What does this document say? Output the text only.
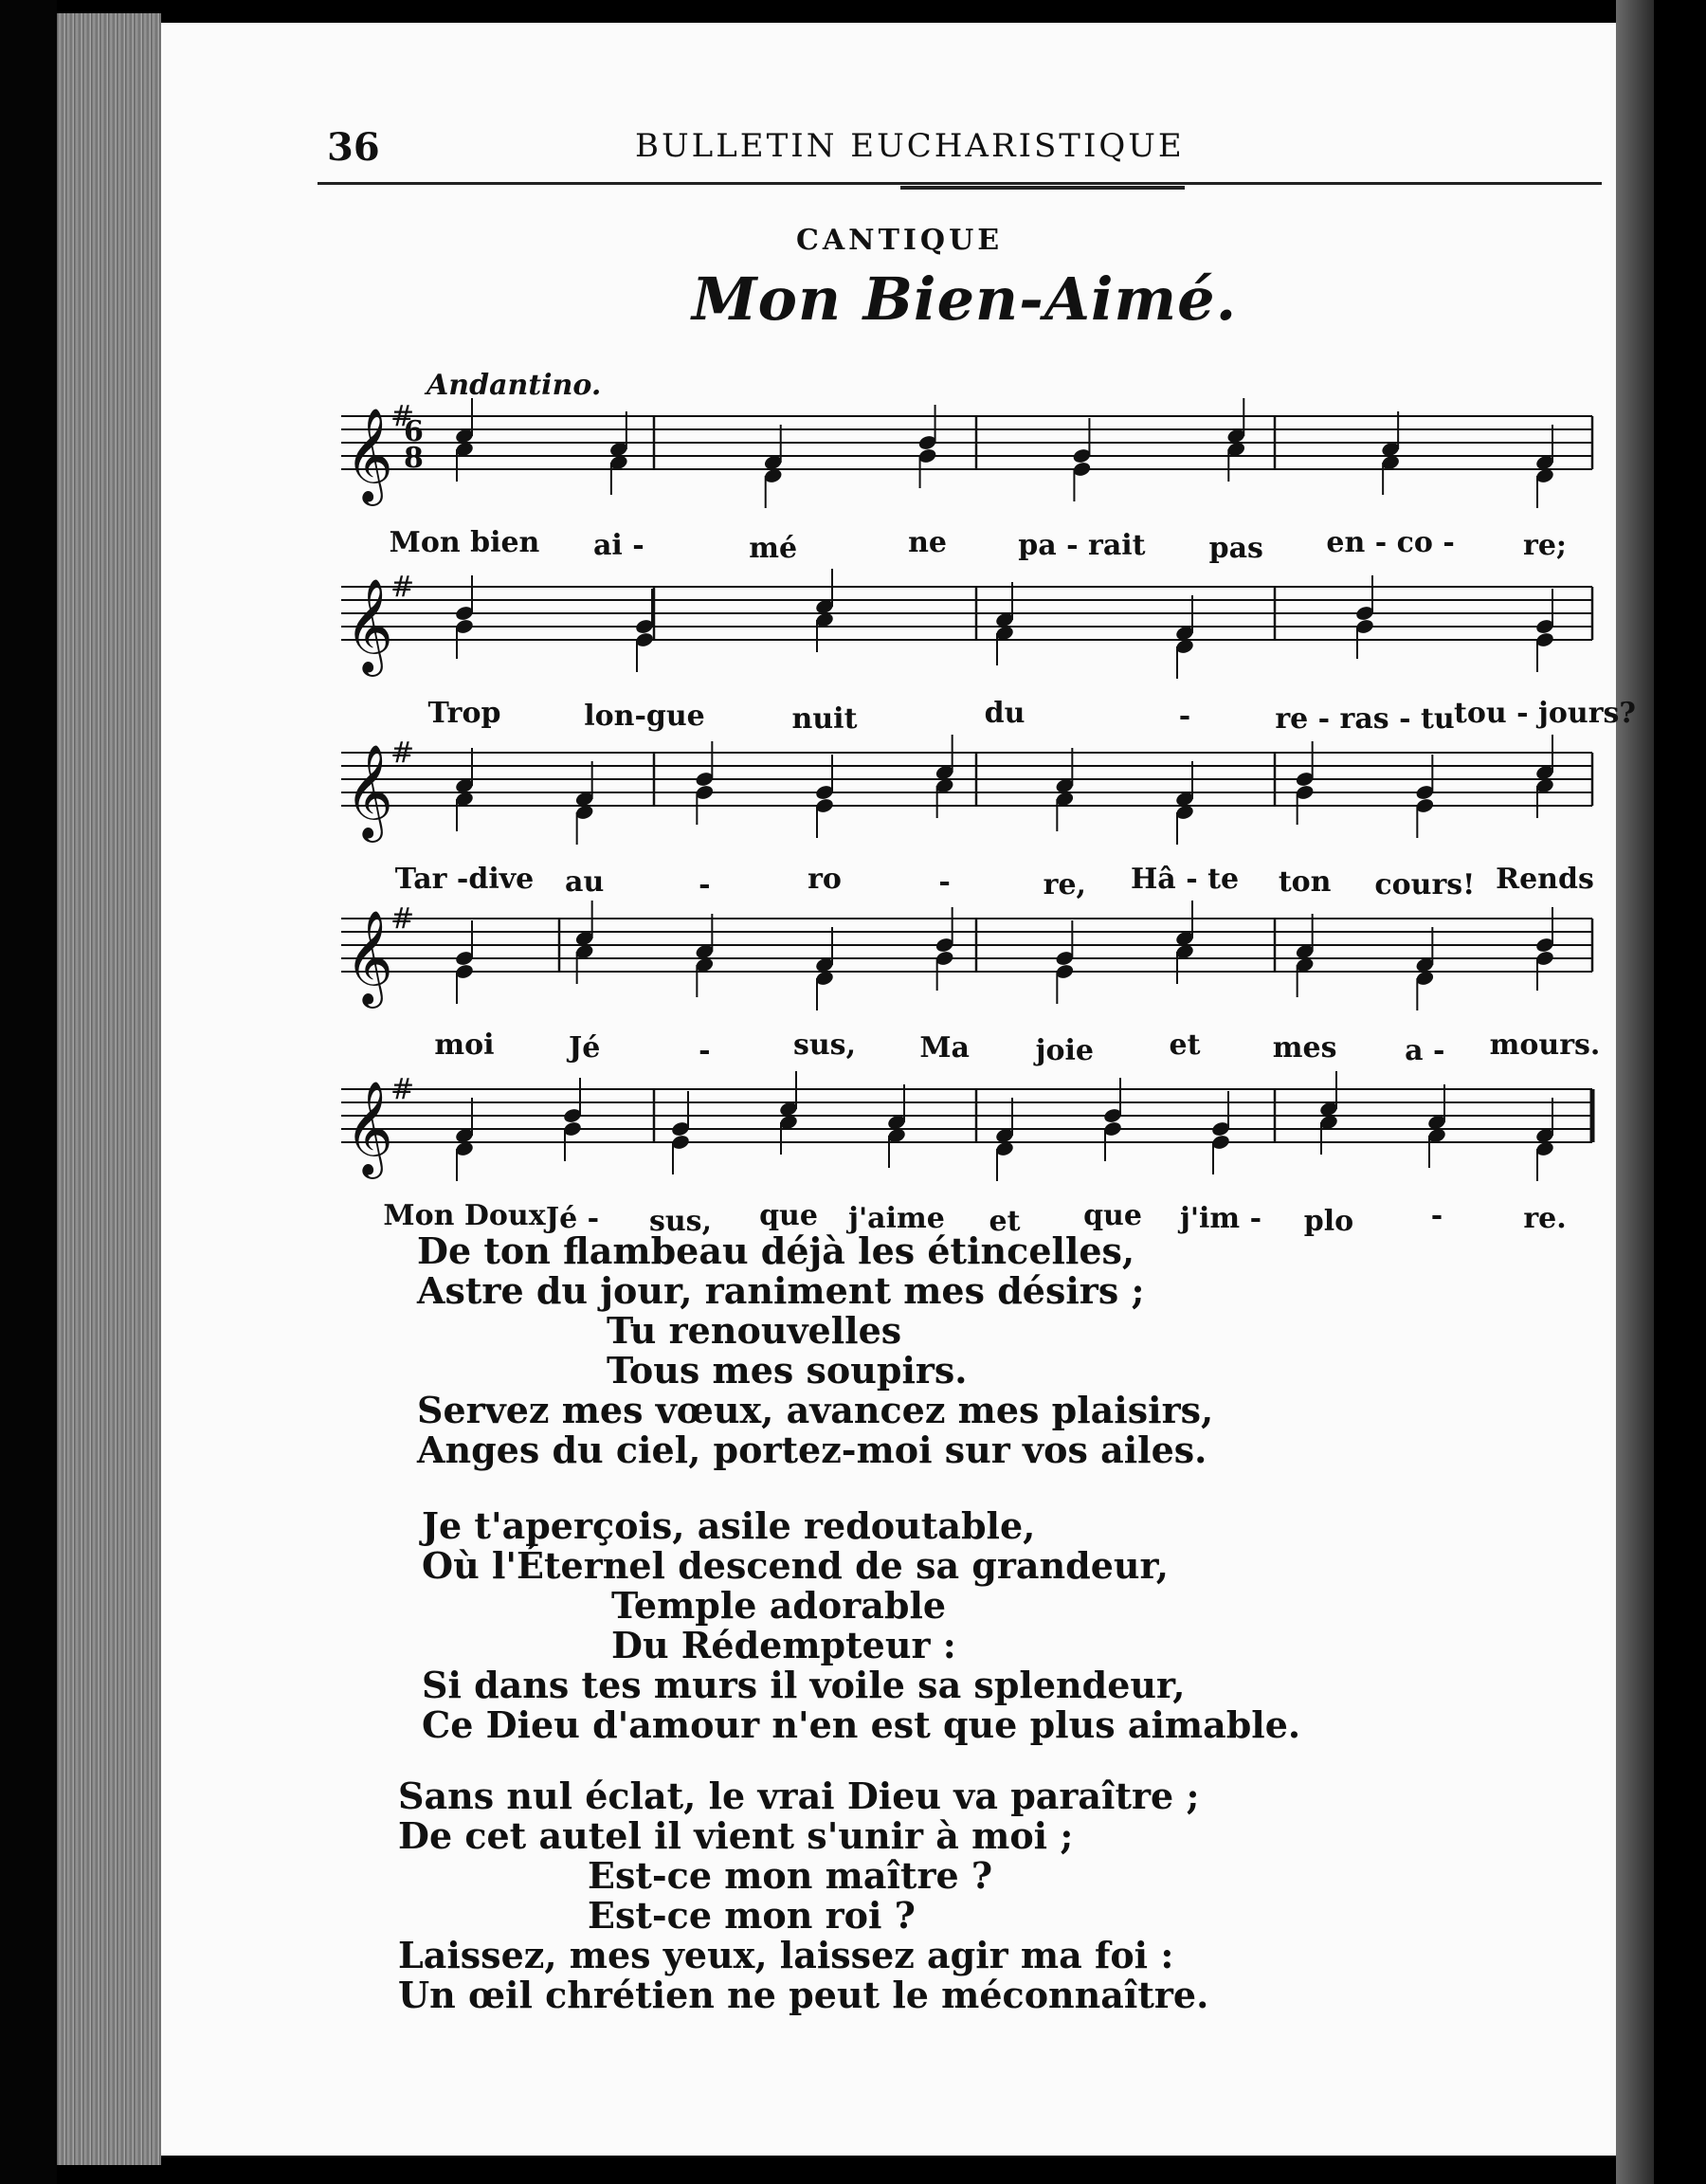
36	BULLETIN EUCHARISTIQUE
CANTIQUE
Mon Bien-Aimé.
Andantino.
𝄞
#
6
8
Mon bien ai -	mé	ne	pa - rait pas en - co - re;
𝄞
#
Trop	lon-gue	nuit	du	-	re - ras - tu tou - jours?
𝄞
#
Tar -dive au	-	ro	-	re, Hâ - te ton cours! Rends
𝄞
#
moi	Jé	-	sus, Ma joie	et	mes a - mours.
𝄞
#
Mon Doux Jé - sus, que j'aime et que j'im - plo	-	re.
De ton flambeau déjà les étincelles,
Astre du jour, raniment mes désirs ;
Tu renouvelles
Tous mes soupirs.
Servez mes vœux, avancez mes plaisirs,
Anges du ciel, portez-moi sur vos ailes.
Je t'aperçois, asile redoutable,
Où l'Éternel descend de sa grandeur,
Temple adorable
Du Rédempteur :
Si dans tes murs il voile sa splendeur,
Ce Dieu d'amour n'en est que plus aimable.
Sans nul éclat, le vrai Dieu va paraître ;
De cet autel il vient s'unir à moi ;
Est-ce mon maître ?
Est-ce mon roi ?
Laissez, mes yeux, laissez agir ma foi :
Un œil chrétien ne peut le méconnaître.
